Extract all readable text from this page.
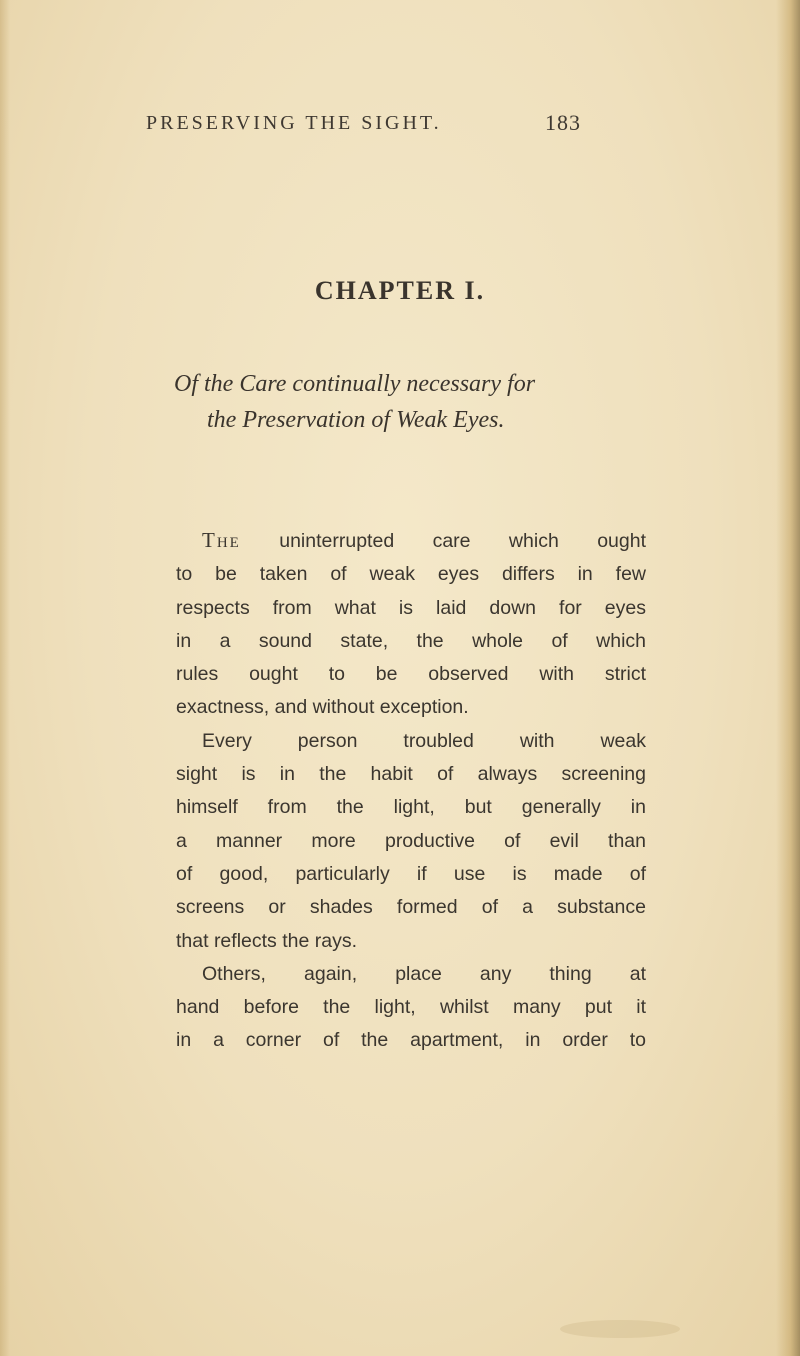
PRESERVING THE SIGHT.	183
CHAPTER I.

Of the Care continually necessary for
the Preservation of Weak Eyes.

The uninterrupted care which ought
to be taken of weak eyes differs in few
respects from what is laid down for eyes
in a sound state, the whole of which
rules ought to be observed with strict
exactness, and without exception.
Every person troubled with weak
sight is in the habit of always screening
himself from the light, but generally in
a manner more productive of evil than
of good, particularly if use is made of
screens or shades formed of a substance
that reflects the rays.
Others, again, place any thing at
hand before the light, whilst many put it
in a corner of the apartment, in order to
